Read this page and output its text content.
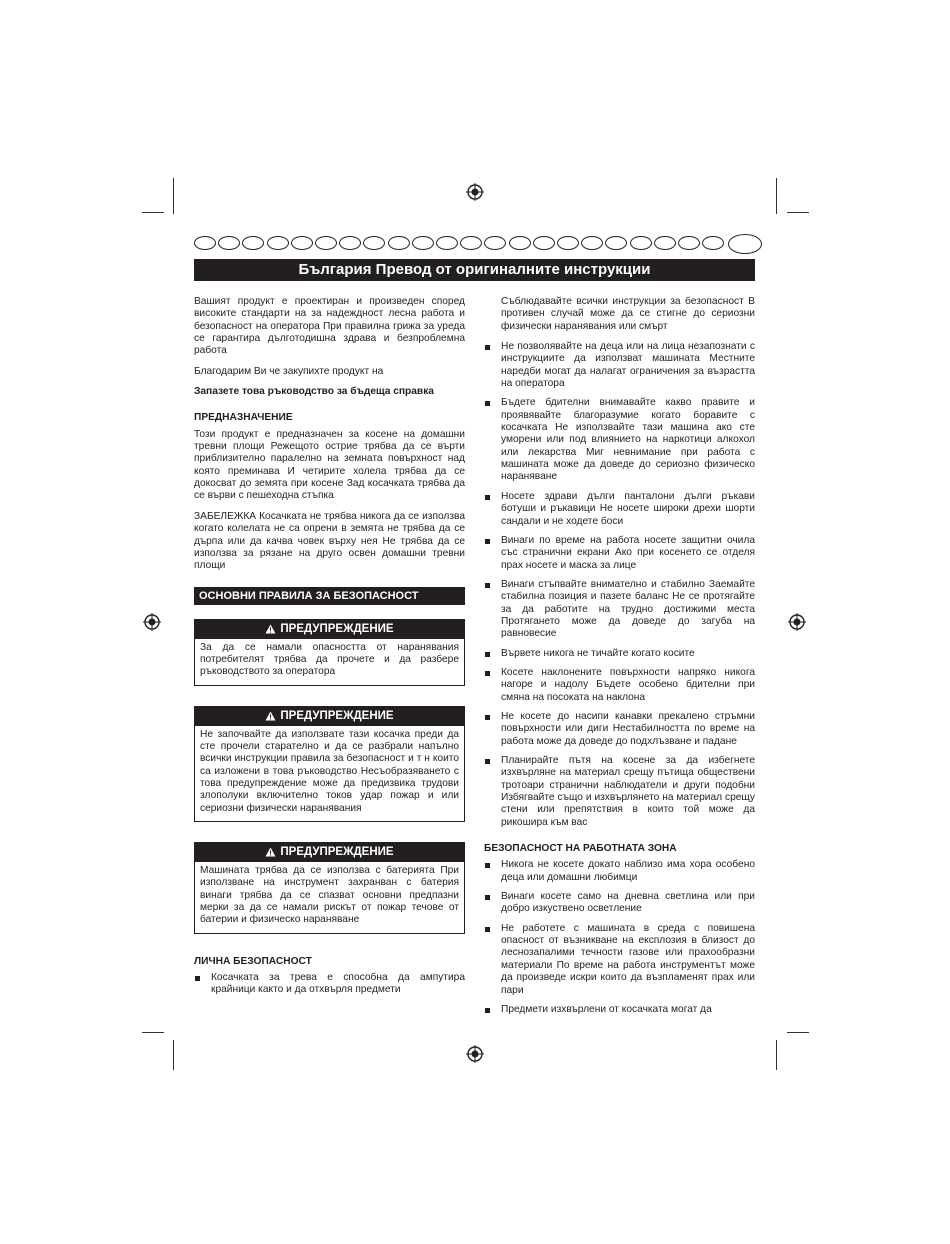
България Превод от оригиналните инструкции

Вашият продукт е проектиран и произведен според високите стандарти на за надеждност лесна работа и безопасност на оператора При правилна грижа за уреда се гарантира дълготодишна здрава и безпроблемна работа

Благодарим Ви че закупихте продукт на

Запазете това ръководство за бъдеща справка

ПРЕДНАЗНАЧЕНИЕ

Този продукт е предназначен за косене на домашни тревни площи Режещото острие трябва да се върти приблизително паралелно на земната повърхност над която преминава И четирите холела трябва да се докосват до земята при косене Зад косачката трябва да се върви с пешеходна стъпка

ЗАБЕЛЕЖКА Косачката не трябва никога да се използва когато колелата не са опрени в земята не трябва да се дърпа или да качва човек върху нея Не трябва да се използва за рязане на друго освен домашни тревни площи

ОСНОВНИ ПРАВИЛА ЗА БЕЗОПАСНОСТ
ПРЕДУПРЕЖДЕНИЕ
За да се намали опасността от наранявания потребителят трябва да прочете и да разбере ръководството за оператора
ПРЕДУПРЕЖДЕНИЕ
Не започвайте да използвате тази косачка преди да сте прочели старателно и да се разбрали напълно всички инструкции правила за безопасност и т н които са изложени в това ръководство Несъобразяването с това предупреждение може да предизвика трудови злополуки включително токов удар пожар и или сериозни физически наранявания
ПРЕДУПРЕЖДЕНИЕ
Машината трябва да се използва с батерията При използване на инструмент захранван с батерия винаги трябва да се спазват основни предпазни мерки за да се намали рискът от пожар течове от батерии и физическо нараняване
ЛИЧНА БЕЗОПАСНОСТ
Косачката за трева е способна да ампутира крайници както и да отхвърля предмети

Съблюдавайте всички инструкции за безопасност В противен случай може да се стигне до сериозни физически наранявания или смърт

Не позволявайте на деца или на лица незапознати с инструкциите да използват машината Местните наредби могат да налагат ограничения за възрастта на оператора
Бъдете бдителни внимавайте какво правите и проявявайте благоразумие когато боравите с косачката Не използвайте тази машина ако сте уморени или под влиянието на наркотици алкохол или лекарства Миг невнимание при работа с машината може да доведе до сериозно физическо нараняване
Носете здрави дълги панталони дълги ръкави ботуши и ръкавици Не носете широки дрехи шорти сандали и не ходете боси
Винаги по време на работа носете защитни очила със странични екрани Ако при косенето се отделя прах носете и маска за лице
Винаги стъпвайте внимателно и стабилно Заемайте стабилна позиция и пазете баланс Не се протягайте за да работите на трудно достижими места Протягането може да доведе до загуба на равновесие
Вървете никога не тичайте когато косите
Косете наклонените повърхности напряко никога нагоре и надолу Бъдете особено бдителни при смяна на посоката на наклона
Не косете до насипи канавки прекалено стръмни повърхности или диги Нестабилността по време на работа може да доведе до подхлъзване и падане
Планирайте пътя на косене за да избегнете изхвърляне на материал срещу пътища обществени тротоари странични наблюдатели и други подобни Избягвайте също и изхвърлянето на материал срещу стени или препятствия в които той може да рикошира към вас
БЕЗОПАСНОСТ НА РАБОТНАТА ЗОНА
Никога не косете докато наблизо има хора особено деца или домашни любимци
Винаги косете само на дневна светлина или при добро изкуствено осветление
Не работете с машината в среда с повишена опасност от възникване на експлозия в близост до леснозапалими течности газове или прахообразни материали По време на работа инструментът може да произведе искри които да възпламенят прах или пари
Предмети изхвърлени от косачката могат да
